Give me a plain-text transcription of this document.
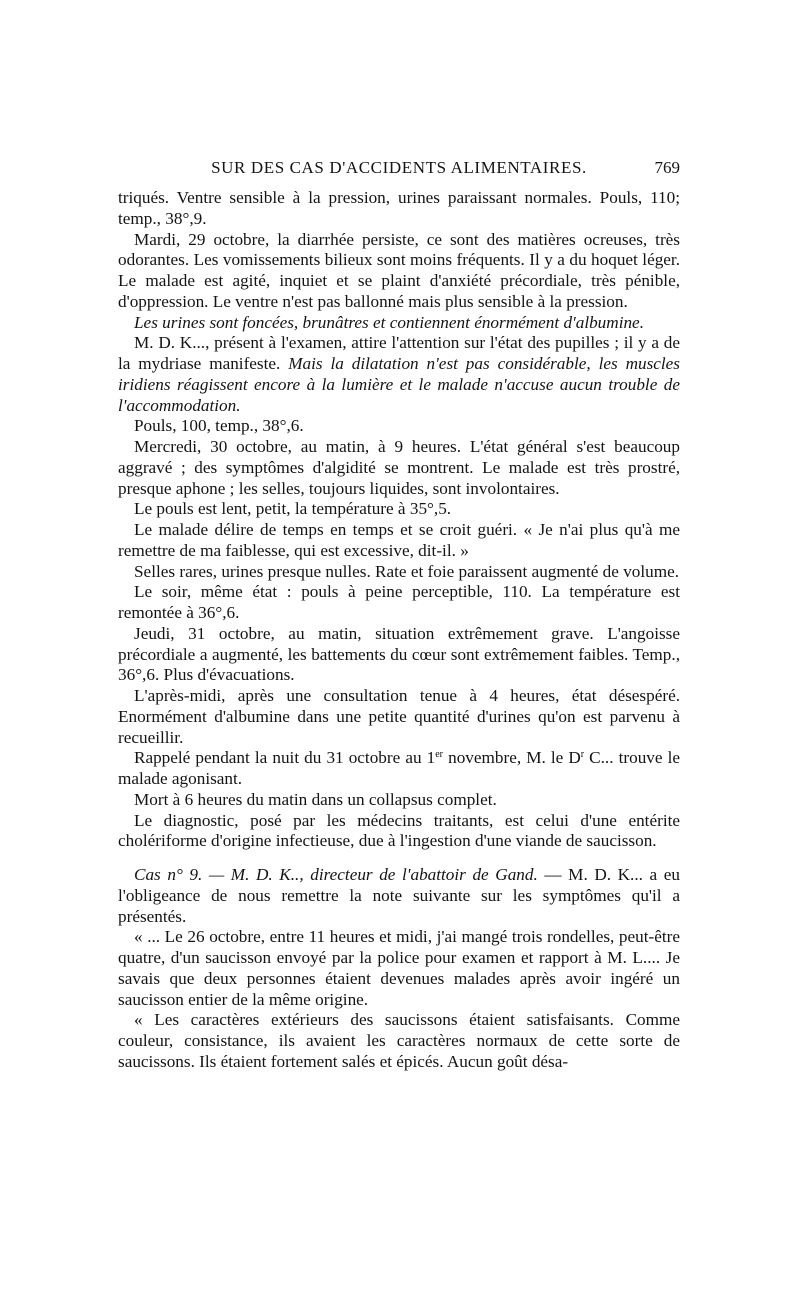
SUR DES CAS D'ACCIDENTS ALIMENTAIRES.	769

triqués. Ventre sensible à la pression, urines paraissant normales. Pouls, 110; temp., 38°,9.

Mardi, 29 octobre, la diarrhée persiste, ce sont des matières ocreuses, très odorantes. Les vomissements bilieux sont moins fréquents. Il y a du hoquet léger. Le malade est agité, inquiet et se plaint d'anxiété précordiale, très pénible, d'oppression. Le ventre n'est pas ballonné mais plus sensible à la pression.

Les urines sont foncées, brunâtres et contiennent énormément d'albumine.

M. D. K..., présent à l'examen, attire l'attention sur l'état des pupilles ; il y a de la mydriase manifeste. Mais la dilatation n'est pas considérable, les muscles iridiens réagissent encore à la lumière et le malade n'accuse aucun trouble de l'accommodation.

Pouls, 100, temp., 38°,6.

Mercredi, 30 octobre, au matin, à 9 heures. L'état général s'est beaucoup aggravé ; des symptômes d'algidité se montrent. Le malade est très prostré, presque aphone ; les selles, toujours liquides, sont involontaires.

Le pouls est lent, petit, la température à 35°,5.

Le malade délire de temps en temps et se croit guéri. « Je n'ai plus qu'à me remettre de ma faiblesse, qui est excessive, dit-il. »

Selles rares, urines presque nulles. Rate et foie paraissent augmenté de volume.

Le soir, même état : pouls à peine perceptible, 110. La température est remontée à 36°,6.

Jeudi, 31 octobre, au matin, situation extrêmement grave. L'angoisse précordiale a augmenté, les battements du cœur sont extrêmement faibles. Temp., 36°,6. Plus d'évacuations.

L'après-midi, après une consultation tenue à 4 heures, état désespéré. Enormément d'albumine dans une petite quantité d'urines qu'on est parvenu à recueillir.

Rappelé pendant la nuit du 31 octobre au 1er novembre, M. le $D^r$ C... trouve le malade agonisant.

Mort à 6 heures du matin dans un collapsus complet.

Le diagnostic, posé par les médecins traitants, est celui d'une entérite cholériforme d'origine infectieuse, due à l'ingestion d'une viande de saucisson.

Cas n° 9. — M. D. K.., directeur de l'abattoir de Gand. — M. D. K... a eu l'obligeance de nous remettre la note suivante sur les symptômes qu'il a présentés.

« ... Le 26 octobre, entre 11 heures et midi, j'ai mangé trois rondelles, peut-être quatre, d'un saucisson envoyé par la police pour examen et rapport à M. L.... Je savais que deux personnes étaient devenues malades après avoir ingéré un saucisson entier de la même origine.

« Les caractères extérieurs des saucissons étaient satisfaisants. Comme couleur, consistance, ils avaient les caractères normaux de cette sorte de saucissons. Ils étaient fortement salés et épicés. Aucun goût désa-
